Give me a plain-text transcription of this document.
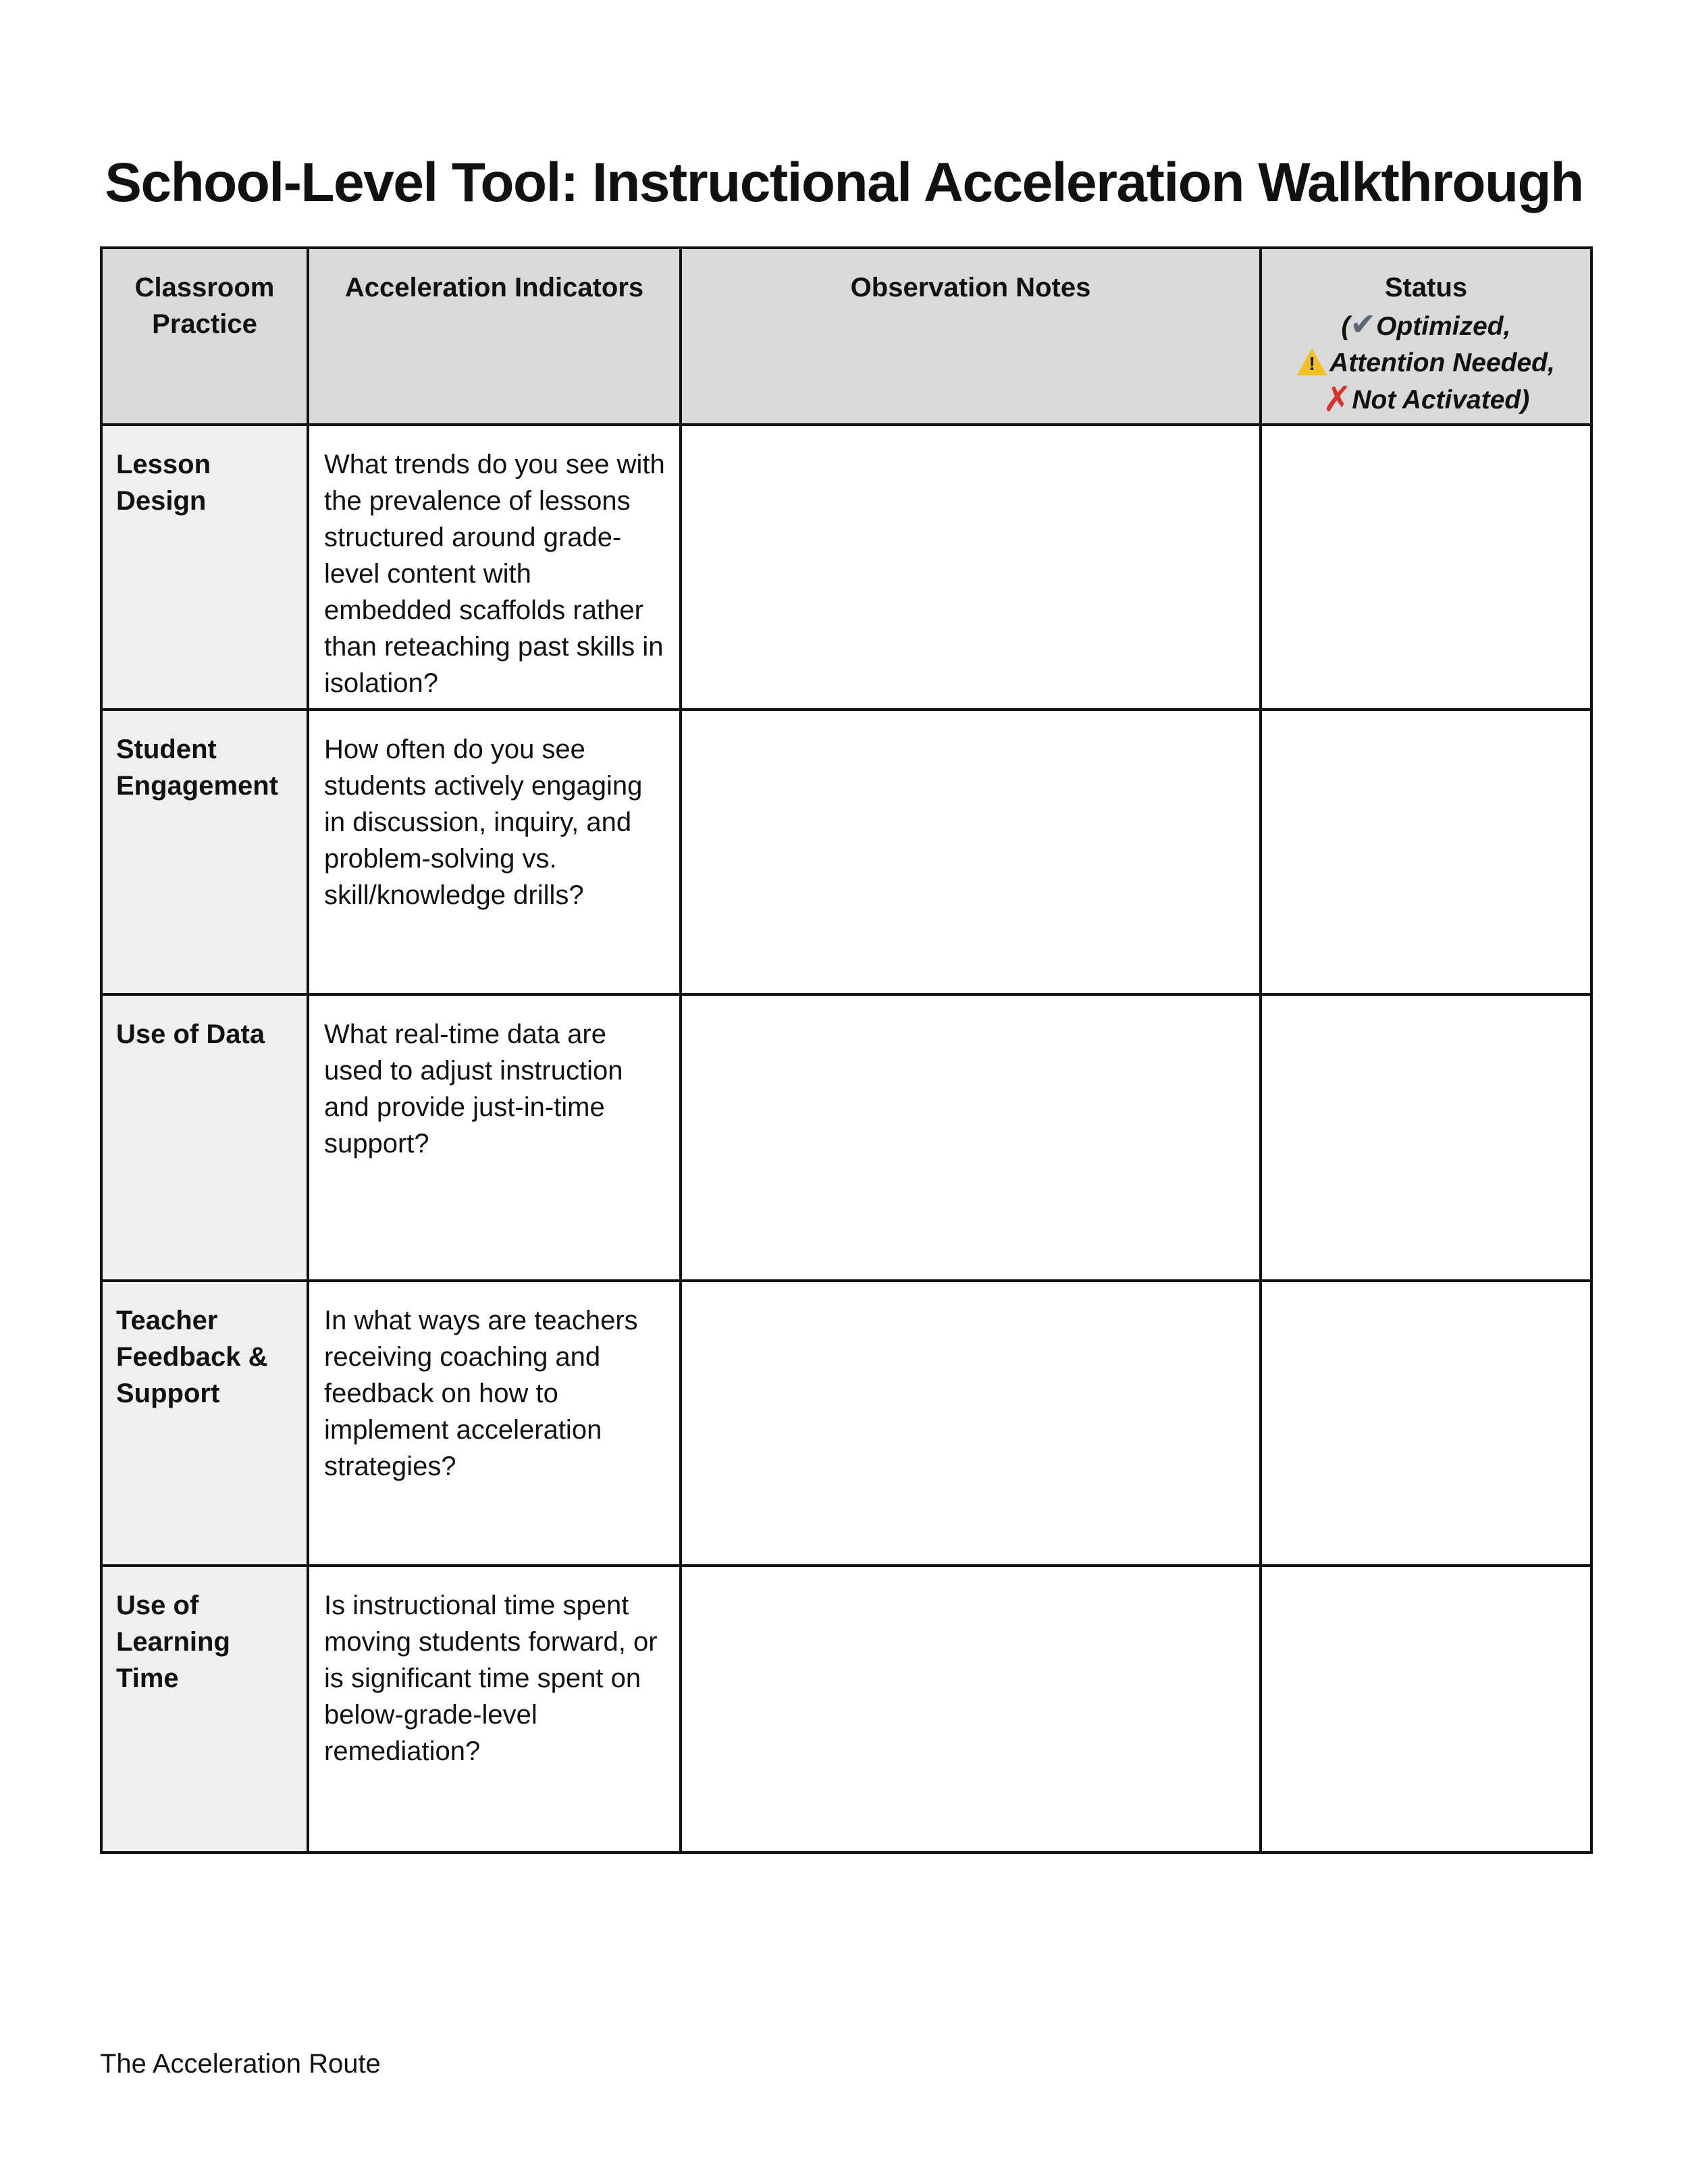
School-Level Tool: Instructional Acceleration Walkthrough
Classroom Practice	Acceleration Indicators	Observation Notes	Status
(✔Optimized,
! Attention Needed,
✗Not Activated)

Lesson Design	What trends do you see with the prevalence of lessons structured around grade-level content with embedded scaffolds rather than reteaching past skills in isolation?		
Student Engagement	How often do you see students actively engaging in discussion, inquiry, and problem-solving vs. skill/knowledge drills?		
Use of Data	What real-time data are used to adjust instruction and provide just-in-time support?		
Teacher Feedback & Support	In what ways are teachers receiving coaching and feedback on how to implement acceleration strategies?		
Use of Learning Time	Is instructional time spent moving students forward, or is significant time spent on below-grade-level remediation?		
The Acceleration Route
